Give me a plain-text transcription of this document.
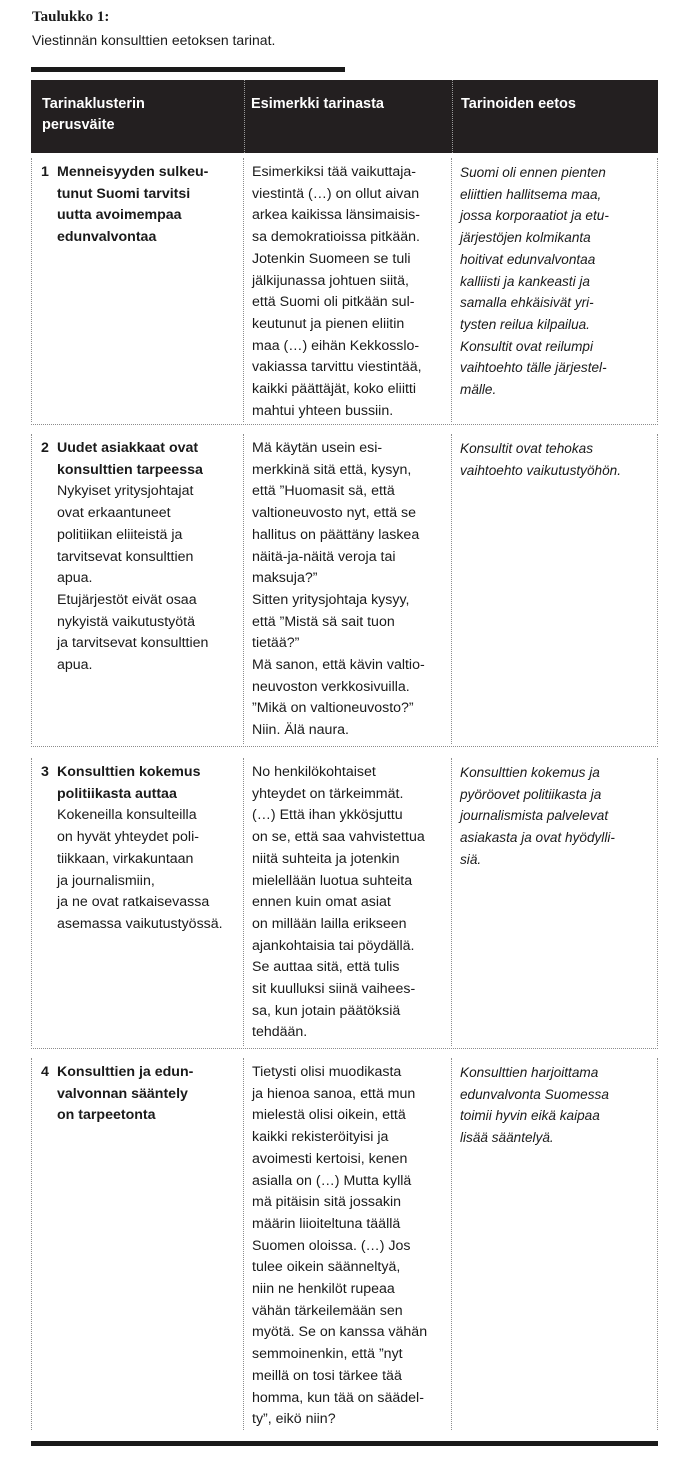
Taulukko 1:
Viestinnän konsulttien eetoksen tarinat.
Tarinaklusterin
perusväite
Esimerkki tarinasta	Tarinoiden eetos
1 Menneisyyden sulkeu-
tunut Suomi tarvitsi
uutta avoimempaa
edunvalvontaa
Esimerkiksi tää vaikuttaja-
viestintä (…) on ollut aivan
arkea kaikissa länsimaisis-
sa demokratioissa pitkään.
Jotenkin Suomeen se tuli
jälkijunassa johtuen siitä,
että Suomi oli pitkään sul-
keutunut ja pienen eliitin
maa (…) eihän Kekkosslo-
vakiassa tarvittu viestintää,
kaikki päättäjät, koko eliitti
mahtui yhteen bussiin.
Suomi oli ennen pienten
eliittien hallitsema maa,
jossa korporaatiot ja etu-
järjestöjen kolmikanta
hoitivat edunvalvontaa
kalliisti ja kankeasti ja
samalla ehkäisivät yri-
tysten reilua kilpailua.
Konsultit ovat reilumpi
vaihtoehto tälle järjestel-
mälle.
2 Uudet asiakkaat ovat
konsulttien tarpeessa
Nykyiset yritysjohtajat
ovat erkaantuneet
politiikan eliiteistä ja
tarvitsevat konsulttien
apua.
Etujärjestöt eivät osaa
nykyistä vaikutustyötä
ja tarvitsevat konsulttien
apua.
Mä käytän usein esi-
merkkinä sitä että, kysyn,
että ”Huomasit sä, että
valtioneuvosto nyt, että se
hallitus on päättäny laskea
näitä-ja-näitä veroja tai
maksuja?”
Sitten yritysjohtaja kysyy,
että ”Mistä sä sait tuon
tietää?”
Mä sanon, että kävin valtio-
neuvoston verkkosivuilla.
”Mikä on valtioneuvosto?”
Niin. Älä naura.
Konsultit ovat tehokas
vaihtoehto vaikutustyöhön.
3 Konsulttien kokemus
politiikasta auttaa
Kokeneilla konsulteilla
on hyvät yhteydet poli-
tiikkaan, virkakuntaan
ja journalismiin,
ja ne ovat ratkaisevassa
asemassa vaikutustyössä.
No henkilökohtaiset
yhteydet on tärkeimmät.
(…) Että ihan ykkösjuttu
on se, että saa vahvistettua
niitä suhteita ja jotenkin
mielellään luotua suhteita
ennen kuin omat asiat
on millään lailla erikseen
ajankohtaisia tai pöydällä.
Se auttaa sitä, että tulis
sit kuulluksi siinä vaihees-
sa, kun jotain päätöksiä
tehdään.
Konsulttien kokemus ja
pyöröovet politiikasta ja
journalismista palvelevat
asiakasta ja ovat hyödylli-
siä.
4 Konsulttien ja edun-
valvonnan sääntely
on tarpeetonta
Tietysti olisi muodikasta
ja hienoa sanoa, että mun
mielestä olisi oikein, että
kaikki rekisteröityisi ja
avoimesti kertoisi, kenen
asialla on (…) Mutta kyllä
mä pitäisin sitä jossakin
määrin liioiteltuna täällä
Suomen oloissa. (…) Jos
tulee oikein säänneltyä,
niin ne henkilöt rupeaa
vähän tärkeilemään sen
myötä. Se on kanssa vähän
semmoinenkin, että ”nyt
meillä on tosi tärkee tää
homma, kun tää on säädel-
ty”, eikö niin?
Konsulttien harjoittama
edunvalvonta Suomessa
toimii hyvin eikä kaipaa
lisää sääntelyä.
